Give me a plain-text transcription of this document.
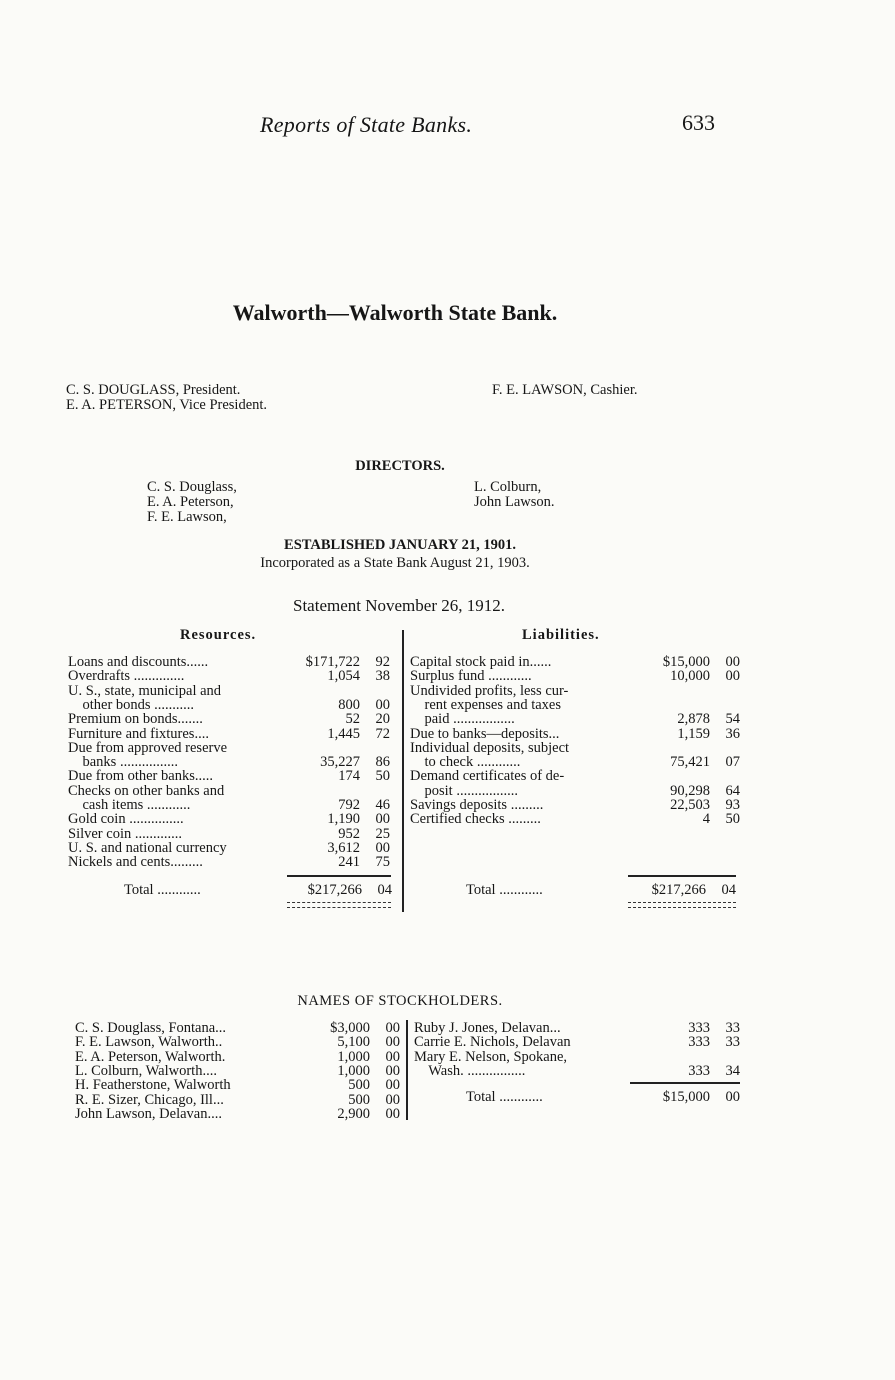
Reports of State Banks.	633
Walworth—Walworth State Bank.
C. S. DOUGLASS, President.
E. A. PETERSON, Vice President.
F. E. LAWSON, Cashier.
DIRECTORS.
C. S. Douglass,
E. A. Peterson,
F. E. Lawson,
L. Colburn,
John Lawson.
ESTABLISHED JANUARY 21, 1901.
Incorporated as a State Bank August 21, 1903.
Statement November 26, 1912.
Resources.	Liabilities.
Loans and discounts......	$171,722 92
Overdrafts ..............	1,054 38
U. S., state, municipal and
other bonds ...........	800 00
Premium on bonds.......	52 20
Furniture and fixtures....	1,445 72
Due from approved reserve
banks ................	35,227 86
Due from other banks.....	174 50
Checks on other banks and
cash items ............	792 46
Gold coin ...............	1,190 00
Silver coin .............	952 25
U. S. and national currency	3,612 00
Nickels and cents.........	241 75
Capital stock paid in......	$15,000 00
Surplus fund ............	10,000 00
Undivided profits, less cur-
rent expenses and taxes
paid .................	2,878 54
Due to banks—deposits...	1,159 36
Individual deposits, subject
to check ............	75,421 07
Demand certificates of de-
posit .................	90,298 64
Savings deposits .........	22,503 93
Certified checks .........	4 50
Total ............	$217,266 04	Total ............	$217,266 04
NAMES OF STOCKHOLDERS.
C. S. Douglass, Fontana...	$3,000 00
F. E. Lawson, Walworth..	5,100 00
E. A. Peterson, Walworth.	1,000 00
L. Colburn, Walworth....	1,000 00
H. Featherstone, Walworth	500 00
R. E. Sizer, Chicago, Ill...	500 00
John Lawson, Delavan....	2,900 00
Ruby J. Jones, Delavan...	333 33
Carrie E. Nichols, Delavan	333 33
Mary E. Nelson, Spokane,
Wash. ................	333 34
Total ............	$15,000 00
